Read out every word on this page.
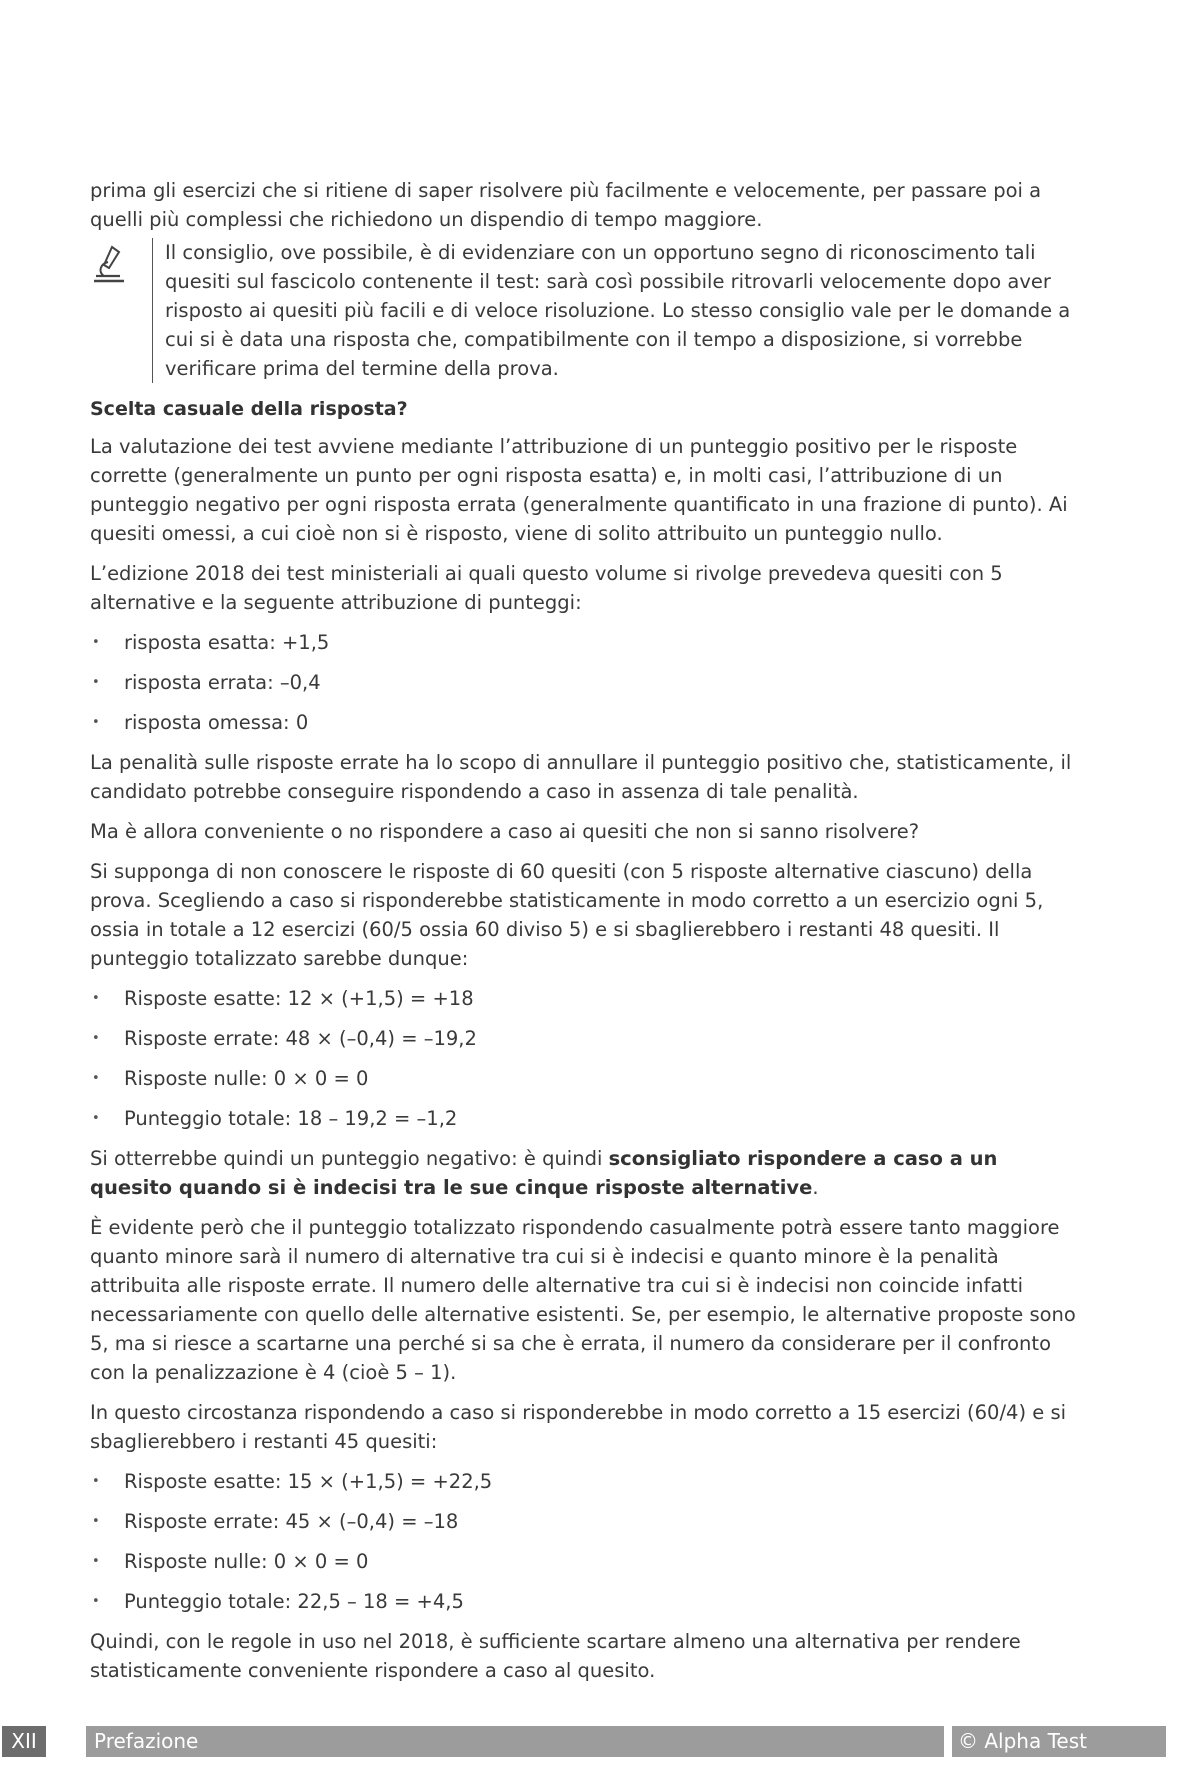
prima gli esercizi che si ritiene di saper risolvere più facilmente e velocemente, per passare poi a quelli più complessi che richiedono un dispendio di tempo maggiore.

Il consiglio, ove possibile, è di evidenziare con un opportuno segno di riconoscimento tali quesiti sul fascicolo contenente il test: sarà così possibile ritrovarli velocemente dopo aver risposto ai quesiti più facili e di veloce risoluzione. Lo stesso consiglio vale per le domande a cui si è data una risposta che, compatibilmente con il tempo a disposizione, si vorrebbe verificare prima del termine della prova.
Scelta casuale della risposta?

La valutazione dei test avviene mediante l’attribuzione di un punteggio positivo per le risposte corrette (generalmente un punto per ogni risposta esatta) e, in molti casi, l’attribuzione di un punteggio negativo per ogni risposta errata (generalmente quantificato in una frazione di punto). Ai quesiti omessi, a cui cioè non si è risposto, viene di solito attribuito un punteggio nullo.

L’edizione 2018 dei test ministeriali ai quali questo volume si rivolge prevedeva quesiti con 5 alternative e la seguente attribuzione di punteggi:

• risposta esatta: +1,5
• risposta errata: –0,4
• risposta omessa: 0

La penalità sulle risposte errate ha lo scopo di annullare il punteggio positivo che, statisticamente, il candidato potrebbe conseguire rispondendo a caso in assenza di tale penalità.

Ma è allora conveniente o no rispondere a caso ai quesiti che non si sanno risolvere?

Si supponga di non conoscere le risposte di 60 quesiti (con 5 risposte alternative ciascuno) della prova. Scegliendo a caso si risponderebbe statisticamente in modo corretto a un esercizio ogni 5, ossia in totale a 12 esercizi (60/5 ossia 60 diviso 5) e si sbaglierebbero i restanti 48 quesiti. Il punteggio totalizzato sarebbe dunque:

• Risposte esatte: 12 × (+1,5) = +18
• Risposte errate: 48 × (–0,4) = –19,2
• Risposte nulle: 0 × 0 = 0
• Punteggio totale: 18 – 19,2 = –1,2

Si otterrebbe quindi un punteggio negativo: è quindi sconsigliato rispondere a caso a un quesito quando si è indecisi tra le sue cinque risposte alternative.

È evidente però che il punteggio totalizzato rispondendo casualmente potrà essere tanto maggiore quanto minore sarà il numero di alternative tra cui si è indecisi e quanto minore è la penalità attribuita alle risposte errate. Il numero delle alternative tra cui si è indecisi non coincide infatti necessariamente con quello delle alternative esistenti. Se, per esempio, le alternative proposte sono 5, ma si riesce a scartarne una perché si sa che è errata, il numero da considerare per il confronto con la penalizzazione è 4 (cioè 5 – 1).

In questo circostanza rispondendo a caso si risponderebbe in modo corretto a 15 esercizi (60/4) e si sbaglierebbero i restanti 45 quesiti:

• Risposte esatte: 15 × (+1,5) = +22,5
• Risposte errate: 45 × (–0,4) = –18
• Risposte nulle: 0 × 0 = 0
• Punteggio totale: 22,5 – 18 = +4,5

Quindi, con le regole in uso nel 2018, è sufficiente scartare almeno una alternativa per rendere statisticamente conveniente rispondere a caso al quesito.

XII	Prefazione	© Alpha Test
